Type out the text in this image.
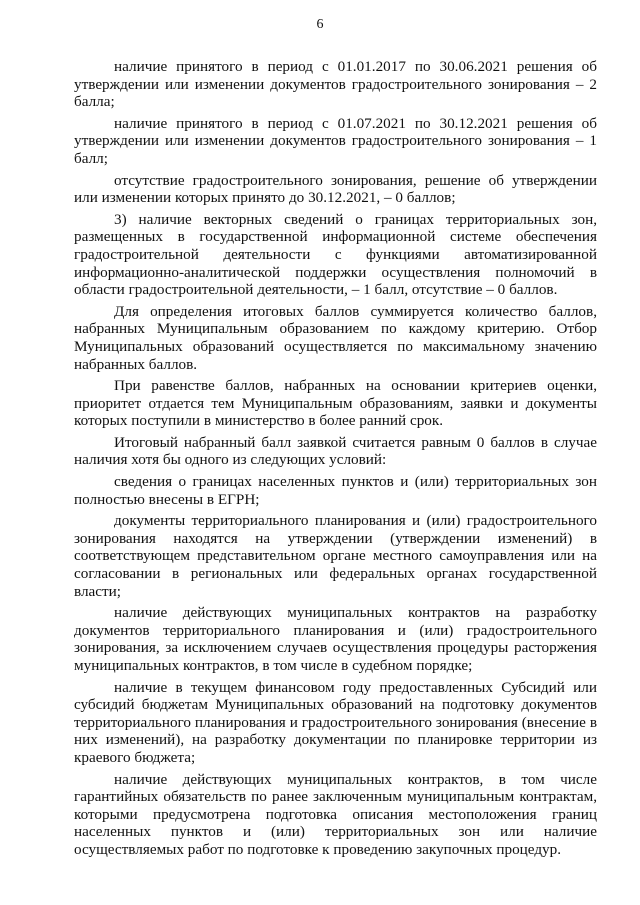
6

наличие принятого в период с 01.01.2017 по 30.06.2021 решения об утверждении или изменении документов градостроительного зонирования – 2 балла;

наличие принятого в период с 01.07.2021 по 30.12.2021 решения об утверждении или изменении документов градостроительного зонирования – 1 балл;

отсутствие градостроительного зонирования, решение об утверждении или изменении которых принято до 30.12.2021, – 0 баллов;

3) наличие векторных сведений о границах территориальных зон, размещенных в государственной информационной системе обеспечения градостроительной деятельности с функциями автоматизированной информационно-аналитической поддержки осуществления полномочий в области градостроительной деятельности, – 1 балл, отсутствие – 0 баллов.

Для определения итоговых баллов суммируется количество баллов, набранных Муниципальным образованием по каждому критерию. Отбор Муниципальных образований осуществляется по максимальному значению набранных баллов.

При равенстве баллов, набранных на основании критериев оценки, приоритет отдается тем Муниципальным образованиям, заявки и документы которых поступили в министерство в более ранний срок.

Итоговый набранный балл заявкой считается равным 0 баллов в случае наличия хотя бы одного из следующих условий:

сведения о границах населенных пунктов и (или) территориальных зон полностью внесены в ЕГРН;

документы территориального планирования и (или) градостроительного зонирования находятся на утверждении (утверждении изменений) в соответствующем представительном органе местного самоуправления или на согласовании в региональных или федеральных органах государственной власти;

наличие действующих муниципальных контрактов на разработку документов территориального планирования и (или) градостроительного зонирования, за исключением случаев осуществления процедуры расторжения муниципальных контрактов, в том числе в судебном порядке;

наличие в текущем финансовом году предоставленных Субсидий или субсидий бюджетам Муниципальных образований на подготовку документов территориального планирования и градостроительного зонирования (внесение в них изменений), на разработку документации по планировке территории из краевого бюджета;

наличие действующих муниципальных контрактов, в том числе гарантийных обязательств по ранее заключенным муниципальным контрактам, которыми предусмотрена подготовка описания местоположения границ населенных пунктов и (или) территориальных зон или наличие осуществляемых работ по подготовке к проведению закупочных процедур.
